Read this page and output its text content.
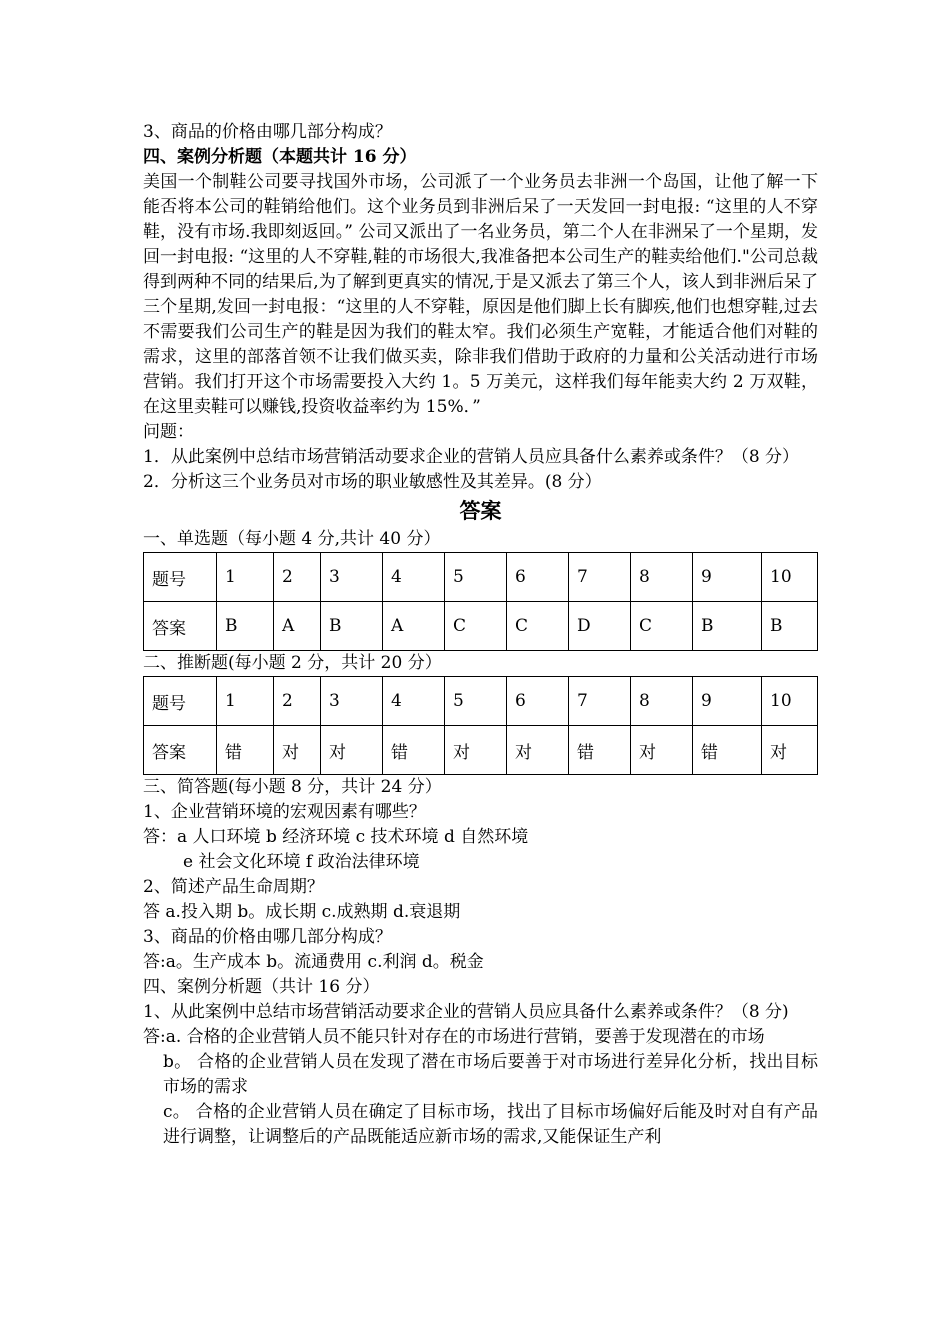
3、商品的价格由哪几部分构成？
四、案例分析题（本题共计 16 分）
美国一个制鞋公司要寻找国外市场，公司派了一个业务员去非洲一个岛国，让他了解一下能否将本公司的鞋销给他们。这个业务员到非洲后呆了一天发回一封电报: “这里的人不穿鞋，没有市场.我即刻返回。” 公司又派出了一名业务员，第二个人在非洲呆了一个星期，发回一封电报: “这里的人不穿鞋,鞋的市场很大,我准备把本公司生产的鞋卖给他们."公司总裁得到两种不同的结果后,为了解到更真实的情况,于是又派去了第三个人，该人到非洲后呆了三个星期,发回一封电报：“这里的人不穿鞋，原因是他们脚上长有脚疾,他们也想穿鞋,过去不需要我们公司生产的鞋是因为我们的鞋太窄。我们必须生产宽鞋，才能适合他们对鞋的需求，这里的部落首领不让我们做买卖，除非我们借助于政府的力量和公关活动进行市场营销。我们打开这个市场需要投入大约 1。5 万美元，这样我们每年能卖大约 2 万双鞋，在这里卖鞋可以赚钱,投资收益率约为 15%．”
问题：
1．从此案例中总结市场营销活动要求企业的营销人员应具备什么素养或条件？（8 分）
2．分析这三个业务员对市场的职业敏感性及其差异。(8 分）
答案
一、单选题（每小题 4 分,共计 40 分）
题号	1	2	3	4	5	6	7	8	9	10
答案	B	A	B	A	C	C	D	C	B	B
二、推断题(每小题 2 分，共计 20 分）
题号	1	2	3	4	5	6	7	8	9	10
答案	错	对	对	错	对	对	错	对	错	对
三、简答题(每小题 8 分，共计 24 分）
1、企业营销环境的宏观因素有哪些？
答：a 人口环境 b 经济环境 c 技术环境 d 自然环境
e 社会文化环境 f 政治法律环境
2、简述产品生命周期？
答 a.投入期 b。成长期 c.成熟期 d.衰退期
3、商品的价格由哪几部分构成？
答:a。生产成本 b。流通费用 c.利润 d。税金
四、案例分析题（共计 16 分）
1、从此案例中总结市场营销活动要求企业的营销人员应具备什么素养或条件？（8 分)
答:a. 合格的企业营销人员不能只针对存在的市场进行营销，要善于发现潜在的市场
b。 合格的企业营销人员在发现了潜在市场后要善于对市场进行差异化分析，找出目标市场的需求
c。 合格的企业营销人员在确定了目标市场，找出了目标市场偏好后能及时对自有产品进行调整，让调整后的产品既能适应新市场的需求,又能保证生产利
